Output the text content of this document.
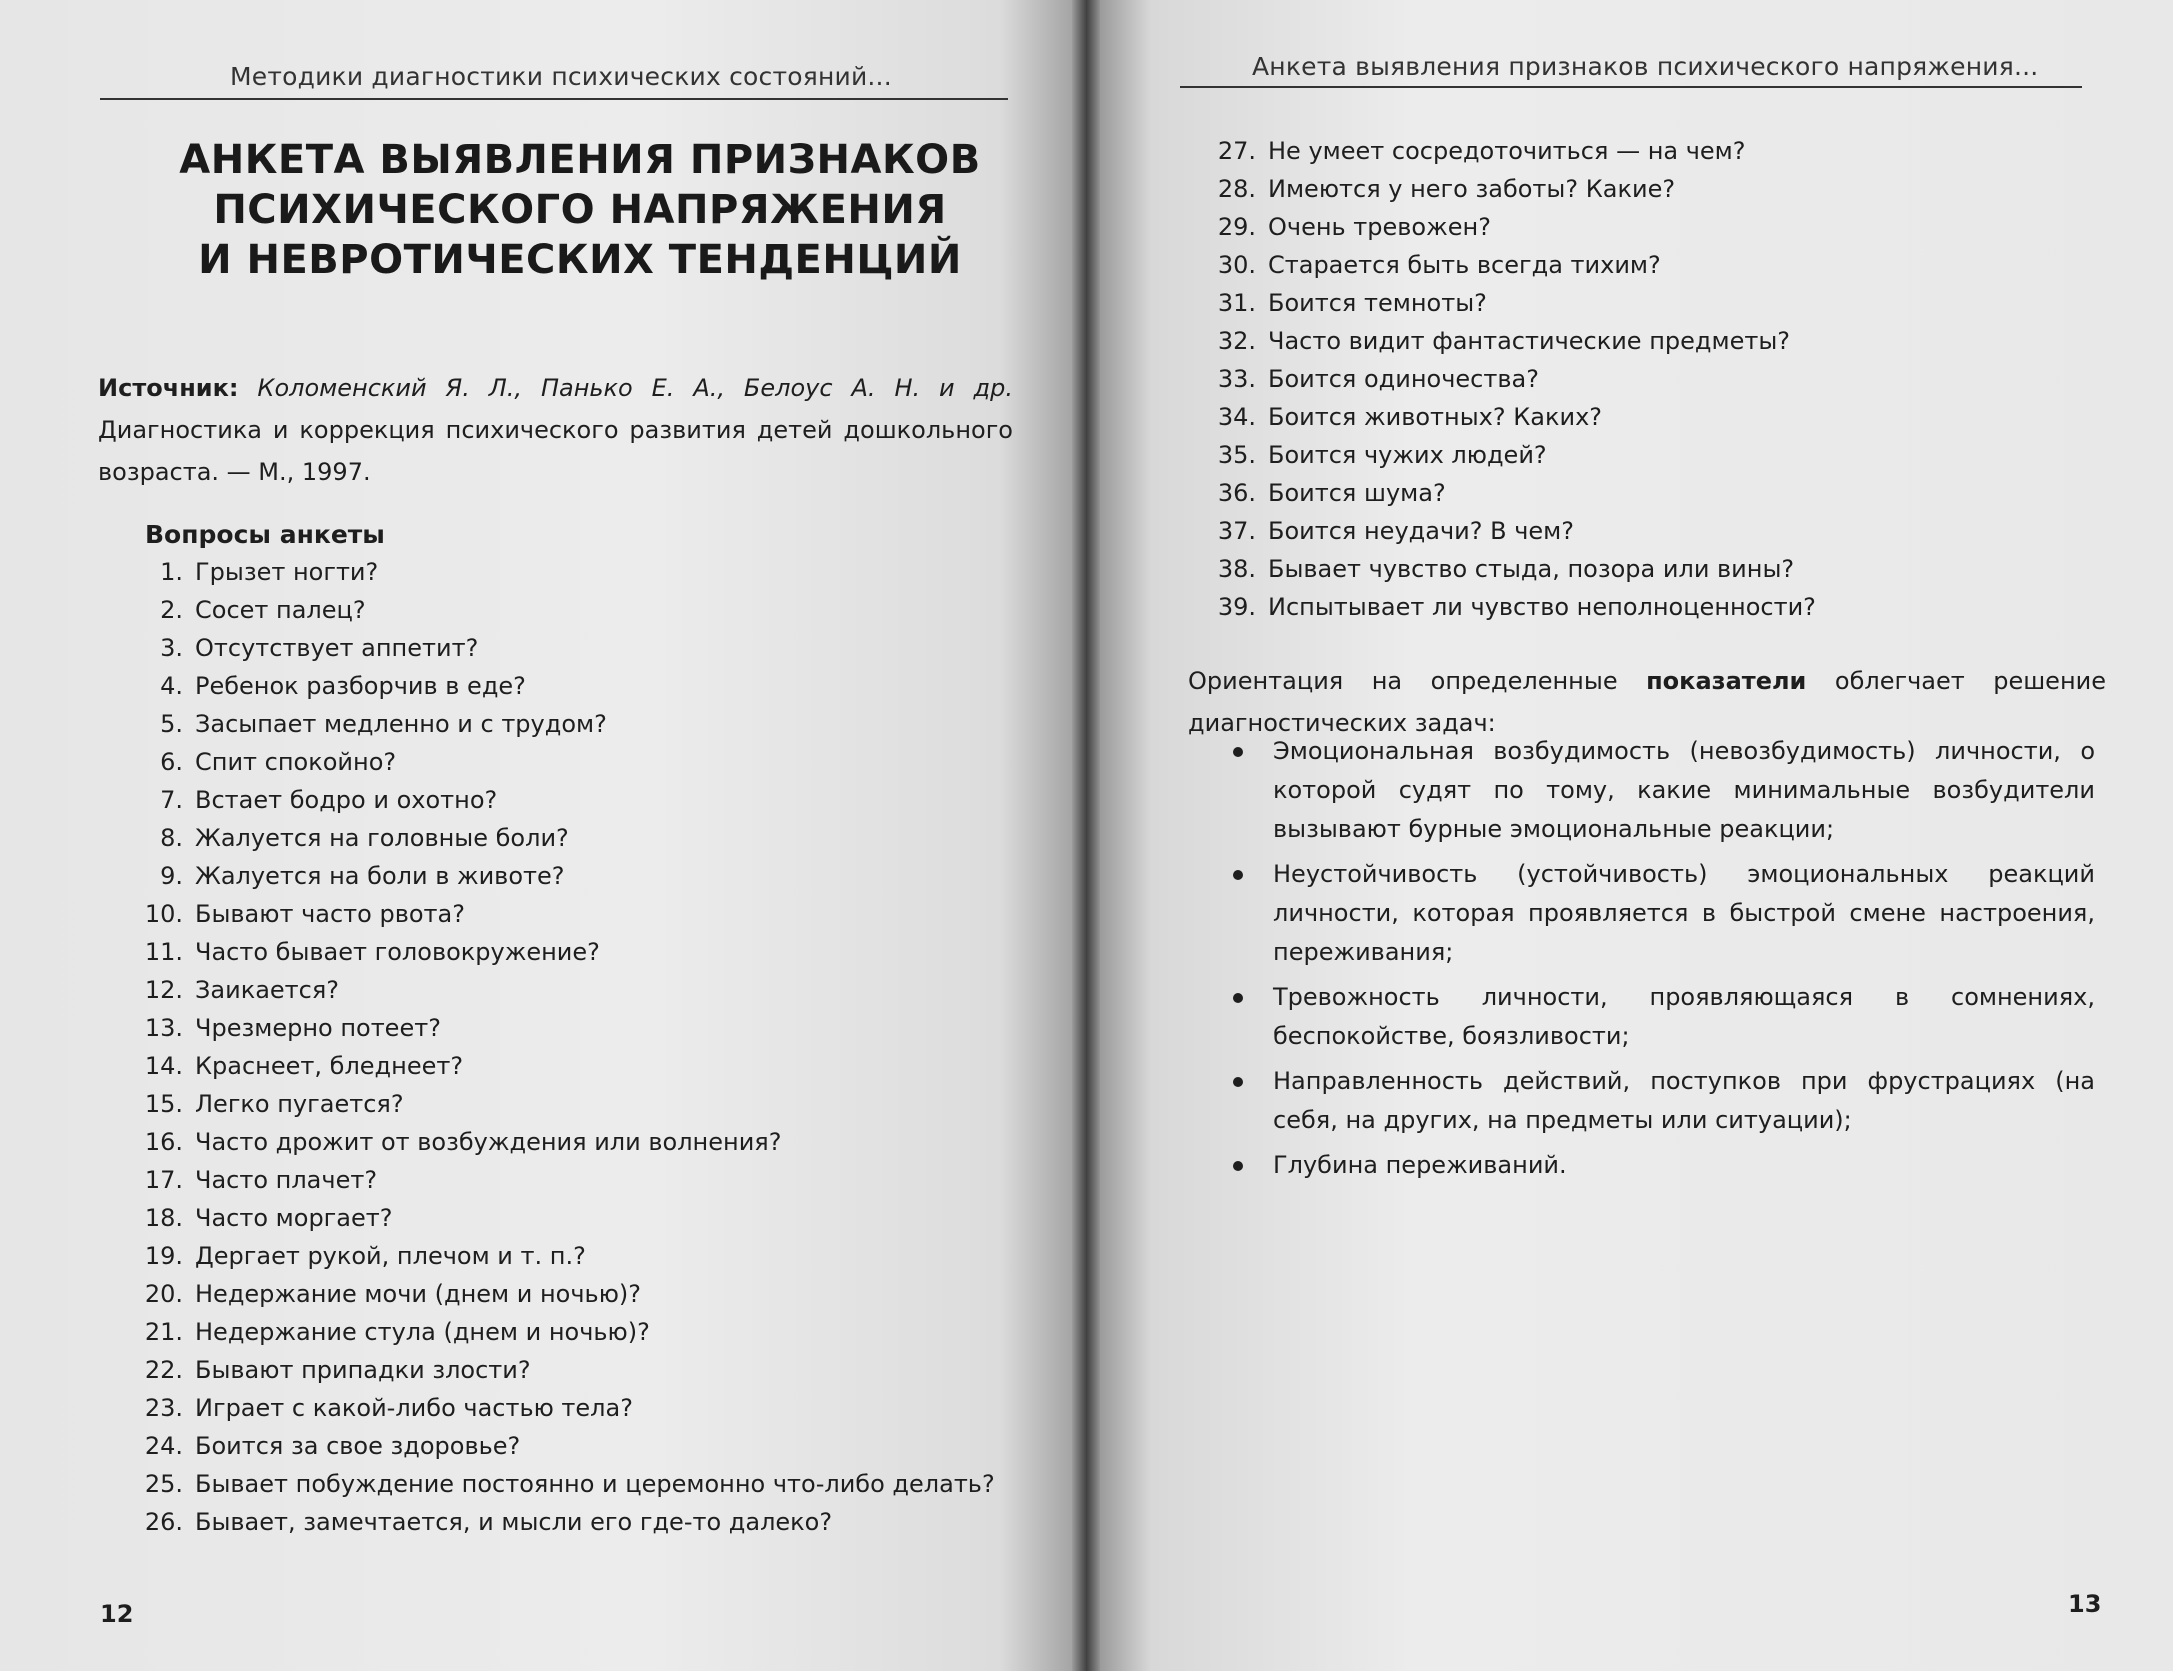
Методики диагностики психических состояний...
АНКЕТА ВЫЯВЛЕНИЯ ПРИЗНАКОВ
ПСИХИЧЕСКОГО НАПРЯЖЕНИЯ
И НЕВРОТИЧЕСКИХ ТЕНДЕНЦИЙ
Источник: Коломенский Я. Л., Панько Е. А., Белоус А. Н. и др. Диагностика и коррекция психического развития детей дошкольного возраста. — М., 1997.
Вопросы анкеты
1. Грызет ногти?
2. Сосет палец?
3. Отсутствует аппетит?
4. Ребенок разборчив в еде?
5. Засыпает медленно и с трудом?
6. Спит спокойно?
7. Встает бодро и охотно?
8. Жалуется на головные боли?
9. Жалуется на боли в животе?
10. Бывают часто рвота?
11. Часто бывает головокружение?
12. Заикается?
13. Чрезмерно потеет?
14. Краснеет, бледнеет?
15. Легко пугается?
16. Часто дрожит от возбуждения или волнения?
17. Часто плачет?
18. Часто моргает?
19. Дергает рукой, плечом и т. п.?
20. Недержание мочи (днем и ночью)?
21. Недержание стула (днем и ночью)?
22. Бывают припадки злости?
23. Играет с какой-либо частью тела?
24. Боится за свое здоровье?
25. Бывает побуждение постоянно и церемонно что-либо делать?
26. Бывает, замечтается, и мысли его где-то далеко?
12
Анкета выявления признаков психического напряжения...
27. Не умеет сосредоточиться — на чем?
28. Имеются у него заботы? Какие?
29. Очень тревожен?
30. Старается быть всегда тихим?
31. Боится темноты?
32. Часто видит фантастические предметы?
33. Боится одиночества?
34. Боится животных? Каких?
35. Боится чужих людей?
36. Боится шума?
37. Боится неудачи? В чем?
38. Бывает чувство стыда, позора или вины?
39. Испытывает ли чувство неполноценности?
Ориентация на определенные показатели облегчает решение диагностических задач:
Эмоциональная возбудимость (невозбудимость) личности, о которой судят по тому, какие минимальные возбудители вызывают бурные эмоциональные реакции;
Неустойчивость (устойчивость) эмоциональных реакций личности, которая проявляется в быстрой смене настроения, переживания;
Тревожность личности, проявляющаяся в сомнениях, беспокойстве, боязливости;
Направленность действий, поступков при фрустрациях (на себя, на других, на предметы или ситуации);
Глубина переживаний.
13
